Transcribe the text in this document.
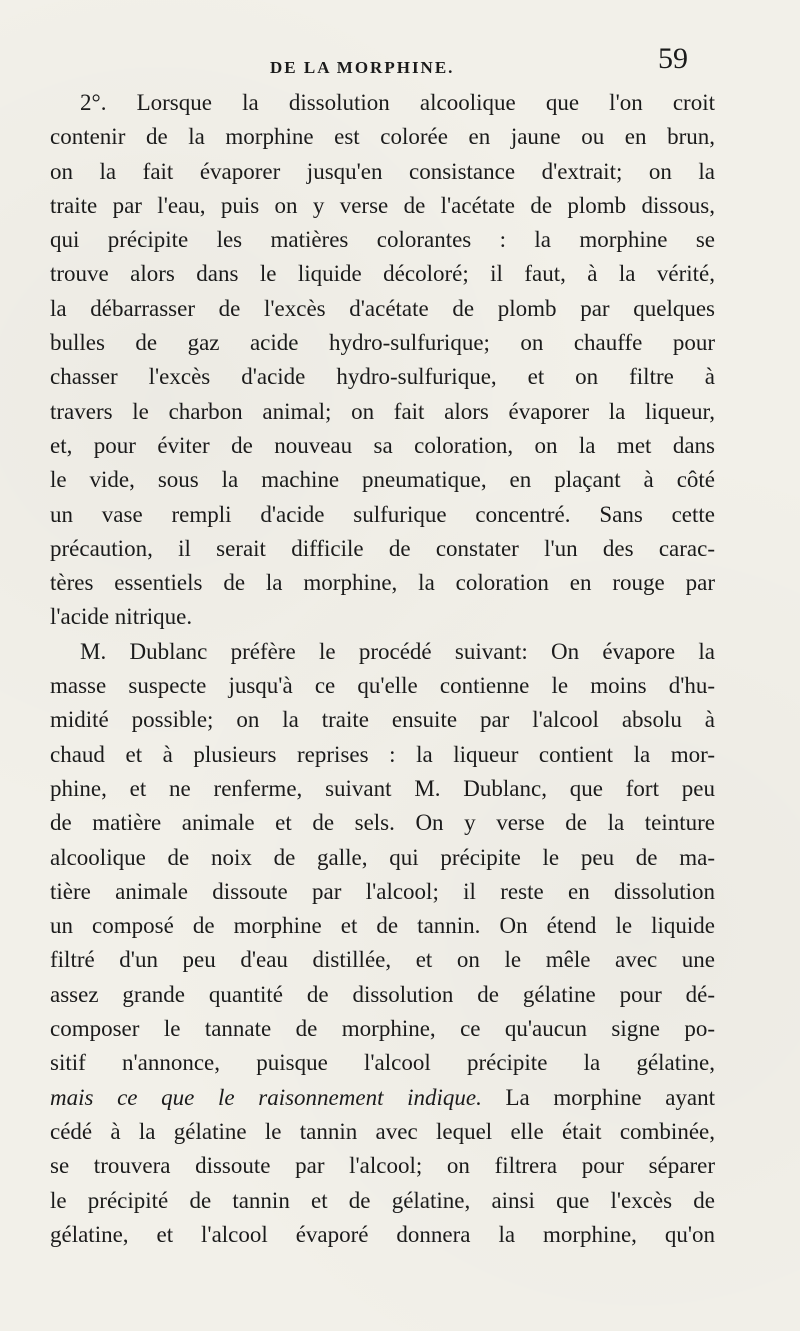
DE LA MORPHINE.	59
2°. Lorsque la dissolution alcoolique que l'on croit
contenir de la morphine est colorée en jaune ou en brun,
on la fait évaporer jusqu'en consistance d'extrait; on la
traite par l'eau, puis on y verse de l'acétate de plomb dissous,
qui précipite les matières colorantes : la morphine se
trouve alors dans le liquide décoloré; il faut, à la vérité,
la débarrasser de l'excès d'acétate de plomb par quelques
bulles de gaz acide hydro-sulfurique; on chauffe pour
chasser l'excès d'acide hydro-sulfurique, et on filtre à
travers le charbon animal; on fait alors évaporer la liqueur,
et, pour éviter de nouveau sa coloration, on la met dans
le vide, sous la machine pneumatique, en plaçant à côté
un vase rempli d'acide sulfurique concentré. Sans cette
précaution, il serait difficile de constater l'un des carac-
tères essentiels de la morphine, la coloration en rouge par
l'acide nitrique.
M. Dublanc préfère le procédé suivant: On évapore la
masse suspecte jusqu'à ce qu'elle contienne le moins d'hu-
midité possible; on la traite ensuite par l'alcool absolu à
chaud et à plusieurs reprises : la liqueur contient la mor-
phine, et ne renferme, suivant M. Dublanc, que fort peu
de matière animale et de sels. On y verse de la teinture
alcoolique de noix de galle, qui précipite le peu de ma-
tière animale dissoute par l'alcool; il reste en dissolution
un composé de morphine et de tannin. On étend le liquide
filtré d'un peu d'eau distillée, et on le mêle avec une
assez grande quantité de dissolution de gélatine pour dé-
composer le tannate de morphine, ce qu'aucun signe po-
sitif n'annonce, puisque l'alcool précipite la gélatine,
mais ce que le raisonnement indique. La morphine ayant
cédé à la gélatine le tannin avec lequel elle était combinée,
se trouvera dissoute par l'alcool; on filtrera pour séparer
le précipité de tannin et de gélatine, ainsi que l'excès de
gélatine, et l'alcool évaporé donnera la morphine, qu'on
